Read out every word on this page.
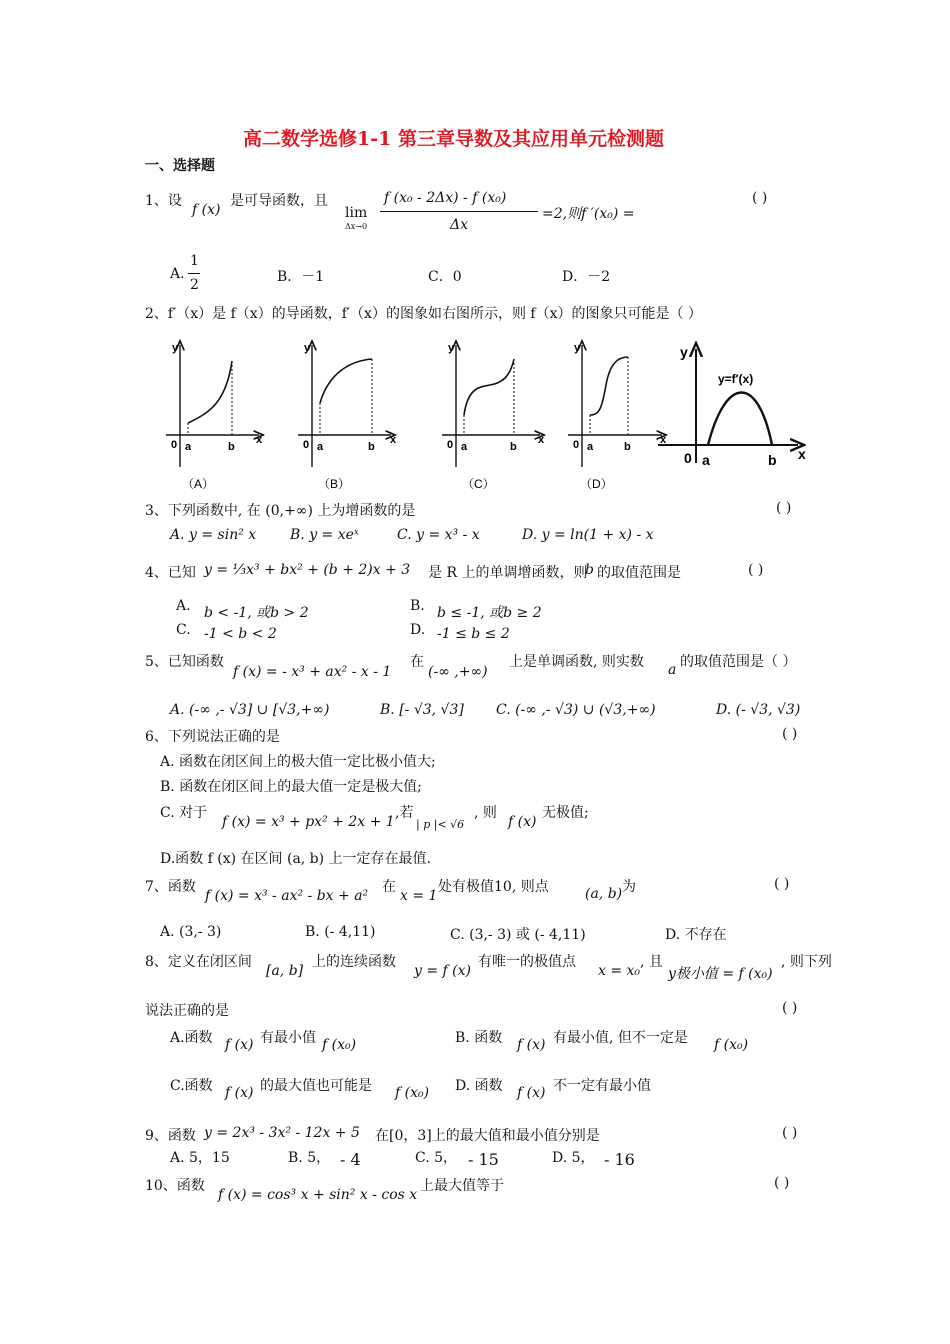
高二数学选修1-1 第三章导数及其应用单元检测题
一、选择题
1、设
f (x)
是可导函数，且
lim
Δx→0
f (x₀ - 2Δx) - f (x₀)
Δx
=2,则f ′(x₀) =
( )
A.
1
2	B．－1	C．0	D．－2
2、f′（x）是 f（x）的导函数，f′（x）的图象如右图所示，则 f（x）的图象只可能是（ ）
y
x
0 a	b
（A）
y
x
0 a	b
（B）
y
x
0 a	b
（C）
y
x
0 a	b
（D）
y
x
0 a	b
y=f′(x)
3、下列函数中, 在 (0,+∞) 上为增函数的是	( )
A. y = sin² x B. y = xeˣ	C. y = x³ - x	D. y = ln(1 + x) - x
4、已知 y = ⅓x³ + bx² + (b + 2)x + 3 是 R 上的单调增函数，则
b 的取值范围是	( )
A. b < -1, 或b > 2	B. b ≤ -1, 或b ≥ 2
C. -1 < b < 2	D. -1 ≤ b ≤ 2
5、已知函数
f (x) = - x³ + ax² - x - 1
在
(-∞ ,+∞)
上是单调函数, 则实数 a 的取值范围是（ ）
A. (-∞ ,- √3] ∪ [√3,+∞)	B. [- √3, √3] C. (-∞ ,- √3) ∪ (√3,+∞)	D. (- √3, √3)
6、下列说法正确的是	( )
A. 函数在闭区间上的极大值一定比极小值大;
B. 函数在闭区间上的最大值一定是极大值;
C. 对于
f (x) = x³ + px² + 2x + 1
,若
| p |< √6
, 则
f (x)
无极值;
D.函数 f (x) 在区间 (a, b) 上一定存在最值.
7、函数
f (x) = x³ - ax² - bx + a²
在
x = 1
处有极值10, 则点	(a, b) 为	( )
A. (3,- 3)	B. (- 4,11)	C. (3,- 3) 或 (- 4,11)	D. 不存在
8、定义在闭区间
[a, b]
上的连续函数
y = f (x)
有唯一的极值点
x = x₀
, 且
y极小值 = f (x₀)
, 则下列
说法正确的是	( )
A.函数 f (x) 有最小值 f (x₀)	B. 函数 f (x) 有最小值, 但不一定是 f (x₀)
C.函数 f (x) 的最大值也可能是 f (x₀) D. 函数 f (x) 不一定有最小值
9、函数 y = 2x³ - 3x² - 12x + 5 在[0，3]上的最大值和最小值分别是	( )
A. 5，15	B. 5， - 4	C. 5， - 15	D. 5， - 16
10、函数
f (x) = cos³ x + sin² x - cos x
上最大值等于	( )
